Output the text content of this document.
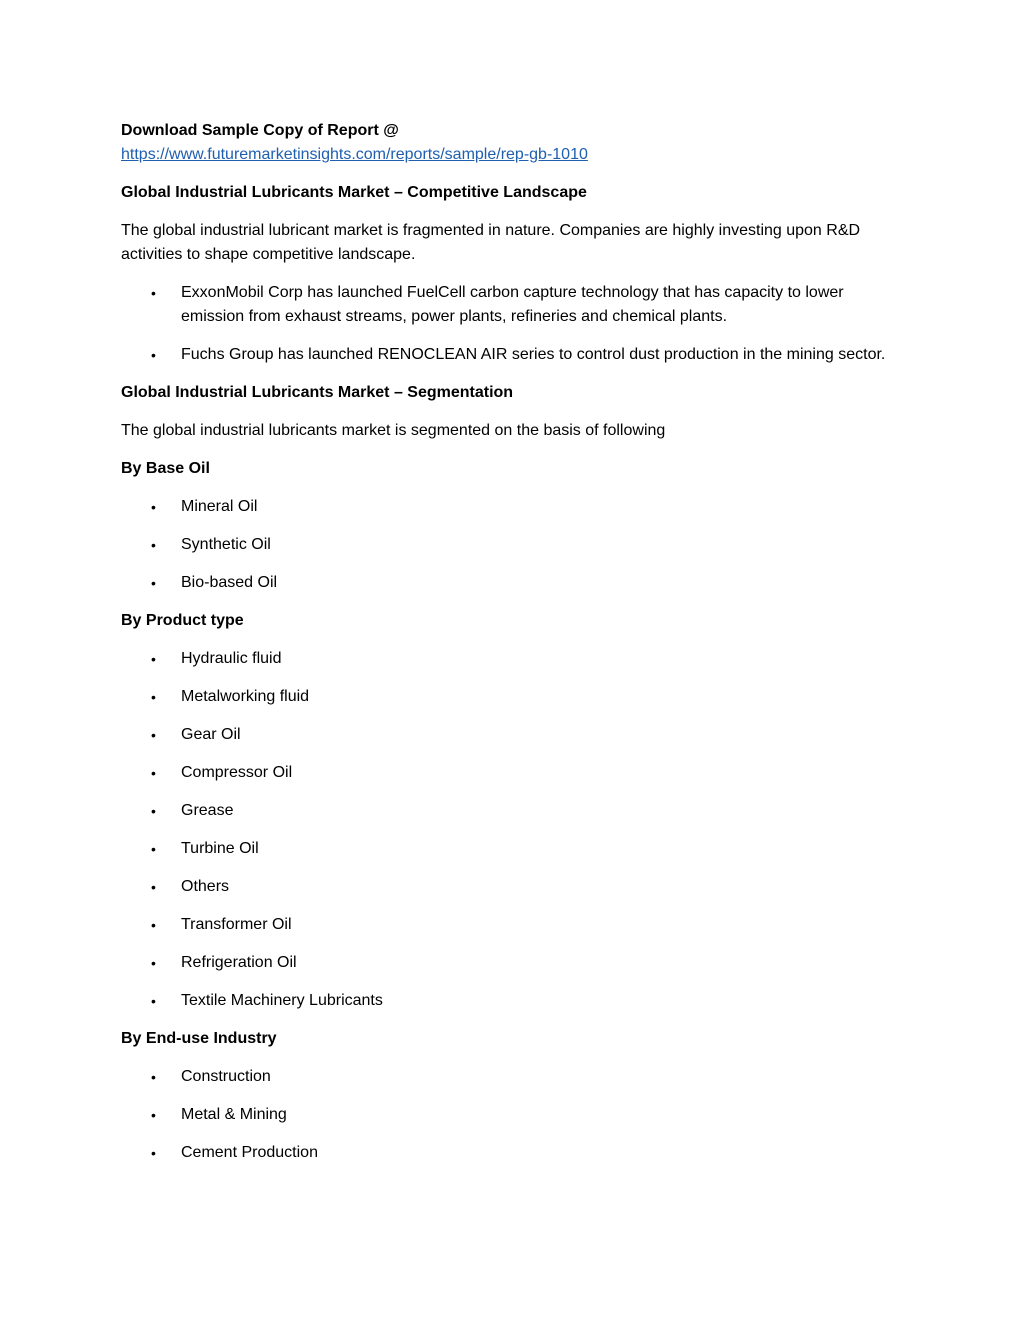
Download Sample Copy of Report @

https://www.futuremarketinsights.com/reports/sample/rep-gb-1010

Global Industrial Lubricants Market – Competitive Landscape

The global industrial lubricant market is fragmented in nature. Companies are highly investing upon R&D activities to shape competitive landscape.

• ExxonMobil Corp has launched FuelCell carbon capture technology that has capacity to lower emission from exhaust streams, power plants, refineries and chemical plants.
• Fuchs Group has launched RENOCLEAN AIR series to control dust production in the mining sector.

Global Industrial Lubricants Market – Segmentation

The global industrial lubricants market is segmented on the basis of following

By Base Oil

• Mineral Oil
• Synthetic Oil
• Bio-based Oil

By Product type

• Hydraulic fluid
• Metalworking fluid
• Gear Oil
• Compressor Oil
• Grease
• Turbine Oil
• Others
• Transformer Oil
• Refrigeration Oil
• Textile Machinery Lubricants

By End-use Industry

• Construction
• Metal & Mining
• Cement Production
